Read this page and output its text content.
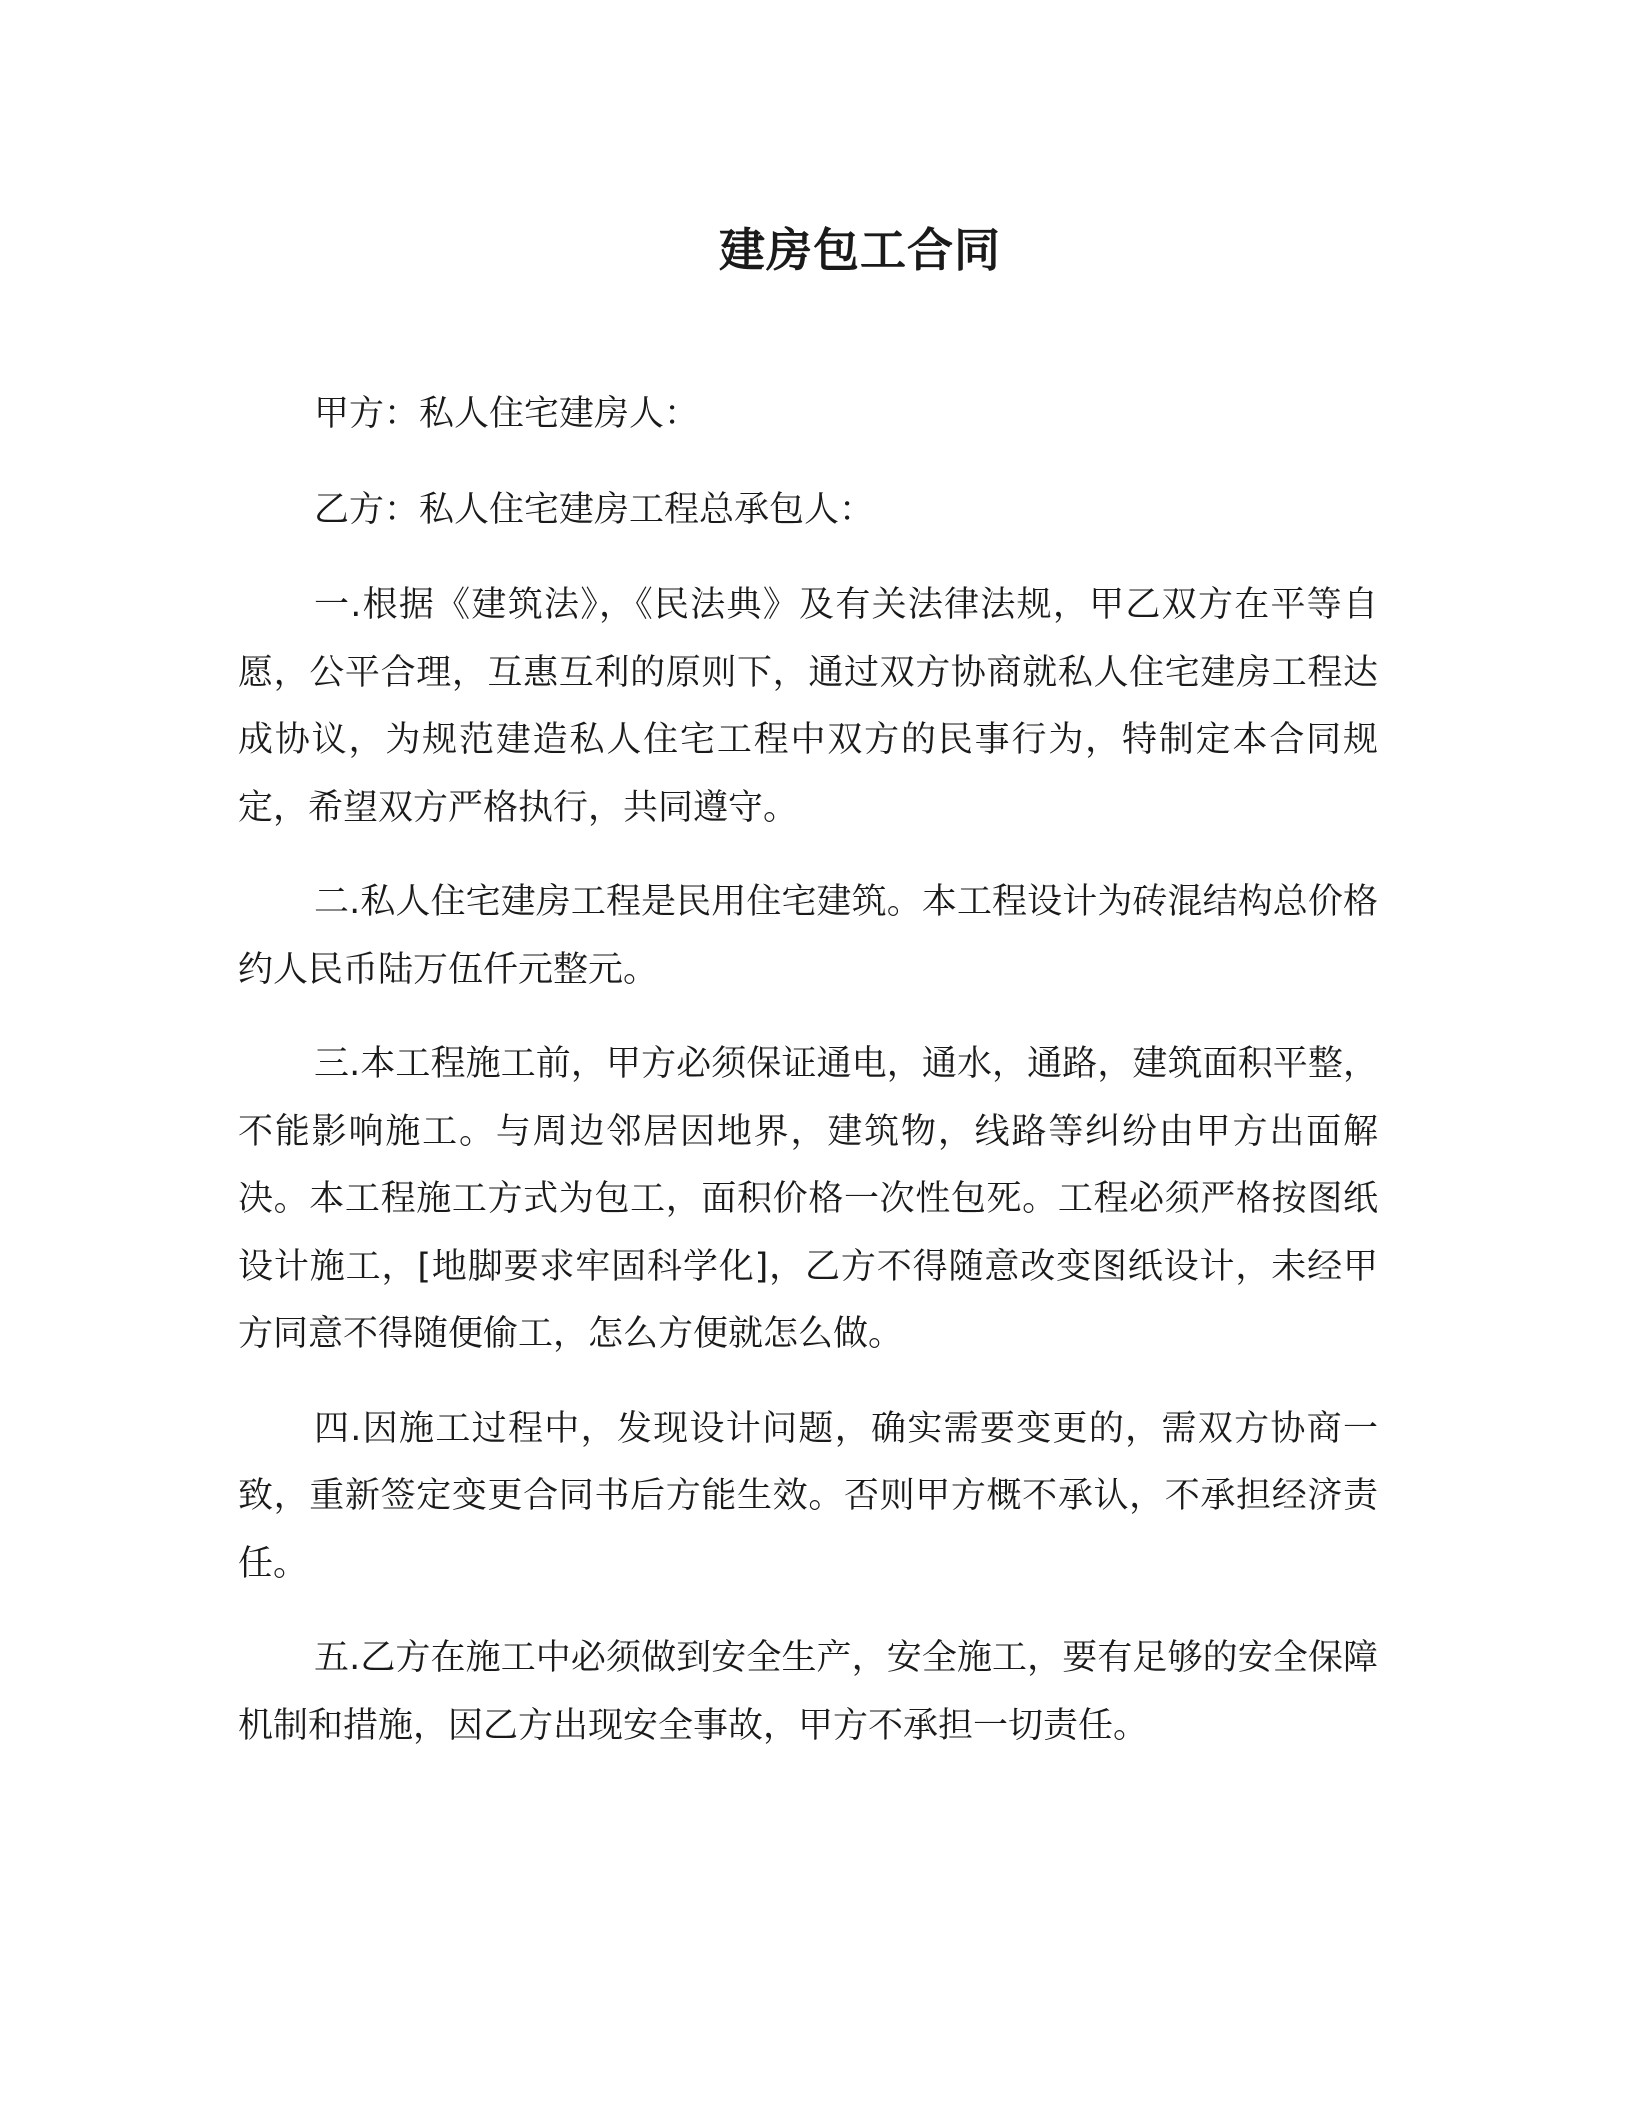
建房包工合同

甲方：私人住宅建房人：

乙方：私人住宅建房工程总承包人：

一.根据《建筑法》，《民法典》及有关法律法规，甲乙双方在平等自愿，公平合理，互惠互利的原则下，通过双方协商就私人住宅建房工程达成协议，为规范建造私人住宅工程中双方的民事行为，特制定本合同规定，希望双方严格执行，共同遵守。

二.私人住宅建房工程是民用住宅建筑。本工程设计为砖混结构总价格约人民币陆万伍仟元整元。

三.本工程施工前，甲方必须保证通电，通水，通路，建筑面积平整，不能影响施工。与周边邻居因地界，建筑物，线路等纠纷由甲方出面解决。本工程施工方式为包工，面积价格一次性包死。工程必须严格按图纸设计施工，[地脚要求牢固科学化]，乙方不得随意改变图纸设计，未经甲方同意不得随便偷工，怎么方便就怎么做。

四.因施工过程中，发现设计问题，确实需要变更的，需双方协商一致，重新签定变更合同书后方能生效。否则甲方概不承认，不承担经济责任。

五.乙方在施工中必须做到安全生产，安全施工，要有足够的安全保障机制和措施，因乙方出现安全事故，甲方不承担一切责任。
